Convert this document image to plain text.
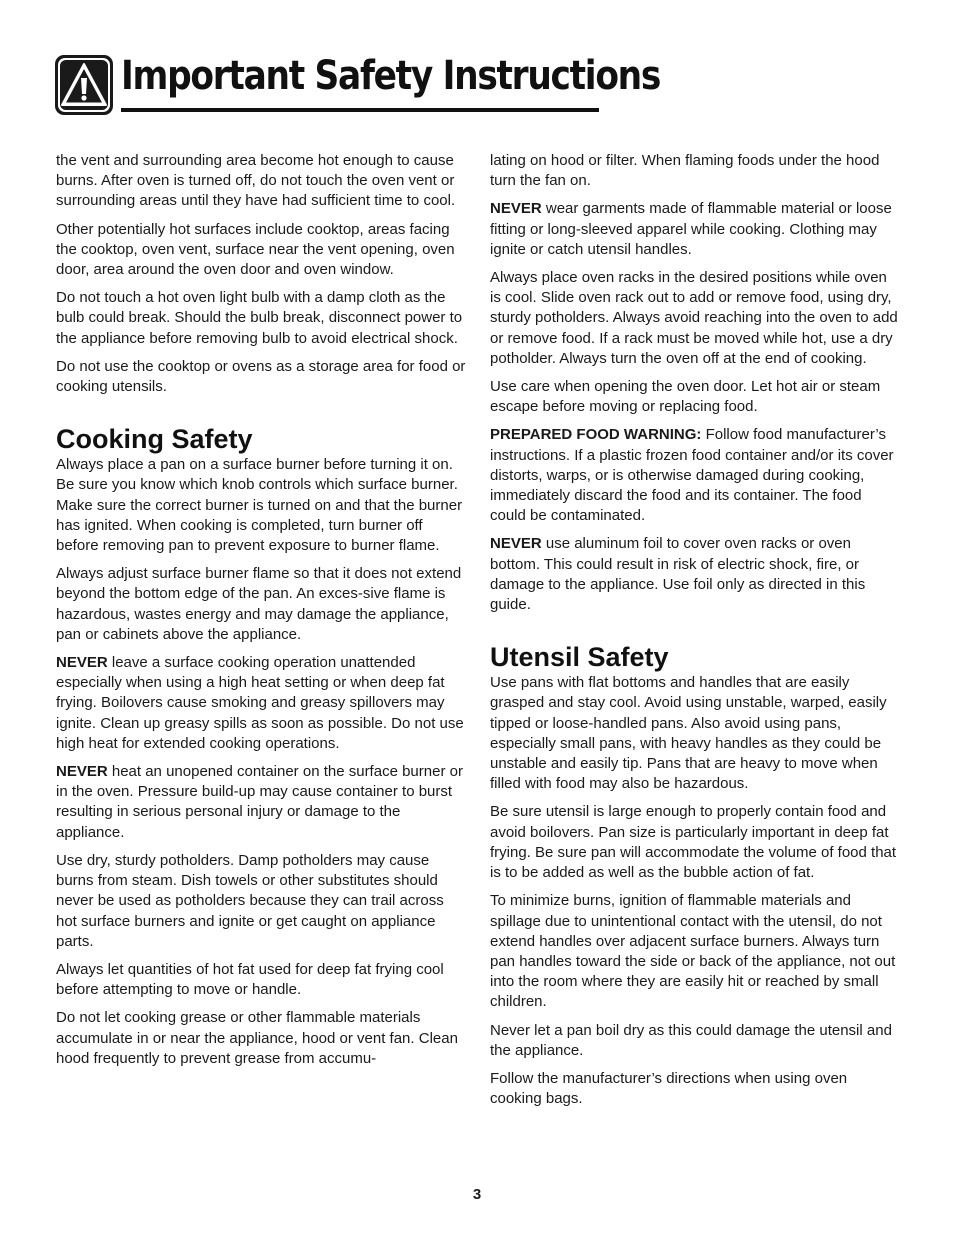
Important Safety Instructions

the vent and surrounding area become hot enough to cause burns. After oven is turned off, do not touch the oven vent or surrounding areas until they have had sufficient time to cool.

Other potentially hot surfaces include cooktop, areas facing the cooktop, oven vent, surface near the vent opening, oven door, area around the oven door and oven window.

Do not touch a hot oven light bulb with a damp cloth as the bulb could break. Should the bulb break, disconnect power to the appliance before removing bulb to avoid electrical shock.

Do not use the cooktop or ovens as a storage area for food or cooking utensils.

Cooking Safety

Always place a pan on a surface burner before turning it on. Be sure you know which knob controls which surface burner. Make sure the correct burner is turned on and that the burner has ignited. When cooking is completed, turn burner off before removing pan to prevent exposure to burner flame.

Always adjust surface burner flame so that it does not extend beyond the bottom edge of the pan. An exces-sive flame is hazardous, wastes energy and may damage the appliance, pan or cabinets above the appliance.

NEVER leave a surface cooking operation unattended especially when using a high heat setting or when deep fat frying. Boilovers cause smoking and greasy spillovers may ignite. Clean up greasy spills as soon as possible. Do not use high heat for extended cooking operations.

NEVER heat an unopened container on the surface burner or in the oven. Pressure build-up may cause container to burst resulting in serious personal injury or damage to the appliance.

Use dry, sturdy potholders. Damp potholders may cause burns from steam. Dish towels or other substitutes should never be used as potholders because they can trail across hot surface burners and ignite or get caught on appliance parts.

Always let quantities of hot fat used for deep fat frying cool before attempting to move or handle.

Do not let cooking grease or other flammable materials accumulate in or near the appliance, hood or vent fan. Clean hood frequently to prevent grease from accumu-

lating on hood or filter. When flaming foods under the hood turn the fan on.

NEVER wear garments made of flammable material or loose fitting or long-sleeved apparel while cooking. Clothing may ignite or catch utensil handles.

Always place oven racks in the desired positions while oven is cool. Slide oven rack out to add or remove food, using dry, sturdy potholders. Always avoid reaching into the oven to add or remove food. If a rack must be moved while hot, use a dry potholder. Always turn the oven off at the end of cooking.

Use care when opening the oven door. Let hot air or steam escape before moving or replacing food.

PREPARED FOOD WARNING: Follow food manufacturer’s instructions. If a plastic frozen food container and/or its cover distorts, warps, or is otherwise damaged during cooking, immediately discard the food and its container. The food could be contaminated.

NEVER use aluminum foil to cover oven racks or oven bottom. This could result in risk of electric shock, fire, or damage to the appliance. Use foil only as directed in this guide.

Utensil Safety

Use pans with flat bottoms and handles that are easily grasped and stay cool. Avoid using unstable, warped, easily tipped or loose-handled pans. Also avoid using pans, especially small pans, with heavy handles as they could be unstable and easily tip. Pans that are heavy to move when filled with food may also be hazardous.

Be sure utensil is large enough to properly contain food and avoid boilovers. Pan size is particularly important in deep fat frying. Be sure pan will accommodate the volume of food that is to be added as well as the bubble action of fat.

To minimize burns, ignition of flammable materials and spillage due to unintentional contact with the utensil, do not extend handles over adjacent surface burners. Always turn pan handles toward the side or back of the appliance, not out into the room where they are easily hit or reached by small children.

Never let a pan boil dry as this could damage the utensil and the appliance.

Follow the manufacturer’s directions when using oven cooking bags.

3
